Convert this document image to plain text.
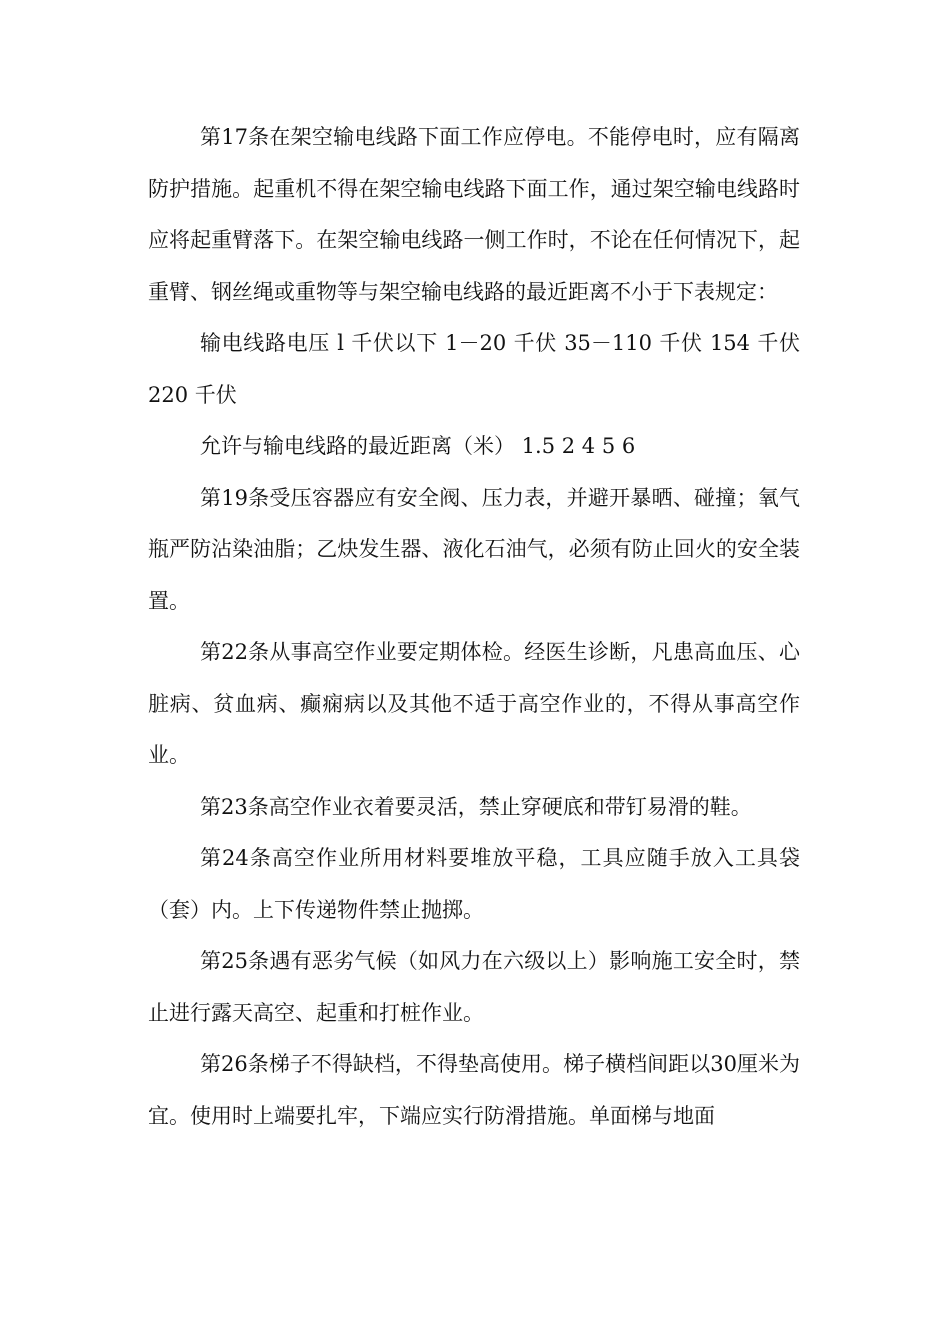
第17条在架空输电线路下面工作应停电。不能停电时，应有隔离防护措施。起重机不得在架空输电线路下面工作，通过架空输电线路时应将起重臂落下。在架空输电线路一侧工作时，不论在任何情况下，起重臂、钢丝绳或重物等与架空输电线路的最近距离不小于下表规定：

输电线路电压 l 千伏以下 1－20 千伏 35－110 千伏 154 千伏 220 千伏

允许与输电线路的最近距离（米） 1.5 2 4 5 6

第19条受压容器应有安全阀、压力表，并避开暴晒、碰撞；氧气瓶严防沾染油脂；乙炔发生器、液化石油气，必须有防止回火的安全装置。

第22条从事高空作业要定期体检。经医生诊断，凡患高血压、心脏病、贫血病、癫痫病以及其他不适于高空作业的，不得从事高空作业。

第23条高空作业衣着要灵活，禁止穿硬底和带钉易滑的鞋。

第24条高空作业所用材料要堆放平稳，工具应随手放入工具袋（套）内。上下传递物件禁止抛掷。

第25条遇有恶劣气候（如风力在六级以上）影响施工安全时，禁止进行露天高空、起重和打桩作业。

第26条梯子不得缺档，不得垫高使用。梯子横档间距以30厘米为宜。使用时上端要扎牢，下端应实行防滑措施。单面梯与地面
